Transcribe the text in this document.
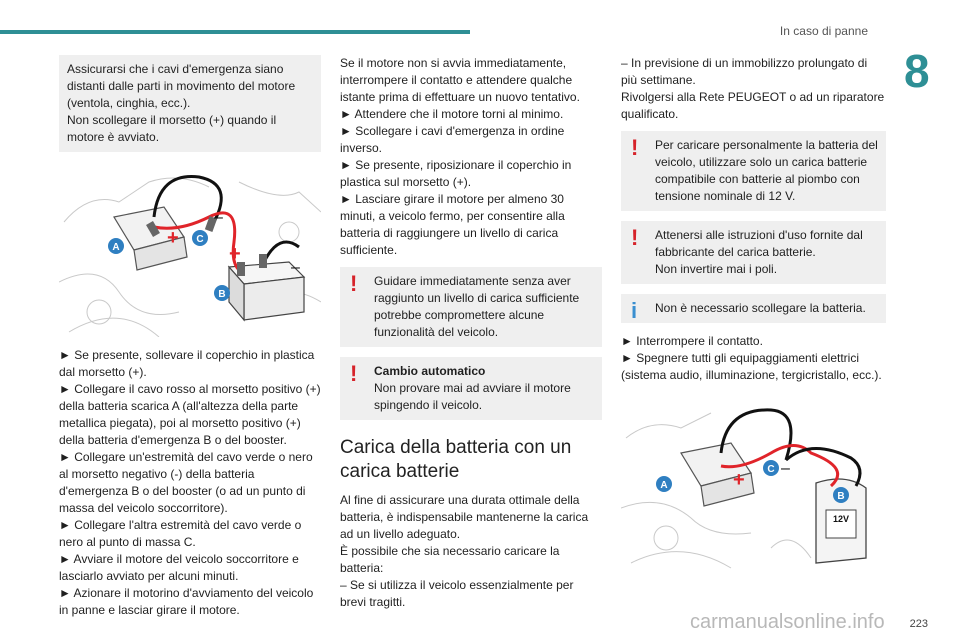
In caso di panne
8

Assicurarsi che i cavi d'emergenza siano distanti dalle parti in movimento del motore (ventola, cinghia, ecc.).
Non scollegare il morsetto (+) quando il motore è avviato.

+
+
–
–
A
C
B

► Se presente, sollevare il coperchio in plastica dal morsetto (+).

► Collegare il cavo rosso al morsetto positivo (+) della batteria scarica A (all'altezza della parte metallica piegata), poi al morsetto positivo (+) della batteria d'emergenza B o del booster.

► Collegare un'estremità del cavo verde o nero al morsetto negativo (-) della batteria d'emergenza B o del booster (o ad un punto di massa del veicolo soccorritore).

► Collegare l'altra estremità del cavo verde o nero al punto di massa C.

► Avviare il motore del veicolo soccorritore e lasciarlo avviato per alcuni minuti.

► Azionare il motorino d'avviamento del veicolo in panne e lasciar girare il motore.

Se il motore non si avvia immediatamente, interrompere il contatto e attendere qualche istante prima di effettuare un nuovo tentativo.

► Attendere che il motore torni al minimo.

► Scollegare i cavi d'emergenza in ordine inverso.

► Se presente, riposizionare il coperchio in plastica sul morsetto (+).

► Lasciare girare il motore per almeno 30 minuti, a veicolo fermo, per consentire alla batteria di raggiungere un livello di carica sufficiente.

! Guidare immediatamente senza aver raggiunto un livello di carica sufficiente potrebbe compromettere alcune funzionalità del veicolo.

! Cambio automatico

Non provare mai ad avviare il motore spingendo il veicolo.

Carica della batteria con un carica batterie

Al fine di assicurare una durata ottimale della batteria, è indispensabile mantenerne la carica ad un livello adeguato.
È possibile che sia necessario caricare la batteria:
– Se si utilizza il veicolo essenzialmente per brevi tragitti.

– In previsione di un immobilizzo prolungato di più settimane.
Rivolgersi alla Rete PEUGEOT o ad un riparatore qualificato.

! Per caricare personalmente la batteria del veicolo, utilizzare solo un carica batterie compatibile con batterie al piombo con tensione nominale di 12 V.

! Attenersi alle istruzioni d'uso fornite dal fabbricante del carica batterie.
Non invertire mai i poli.

i Non è necessario scollegare la batteria.

► Interrompere il contatto.

► Spegnere tutti gli equipaggiamenti elettrici (sistema audio, illuminazione, tergicristallo, ecc.).

12V
+
–
A
C
B
223
carmanualsonline.info
